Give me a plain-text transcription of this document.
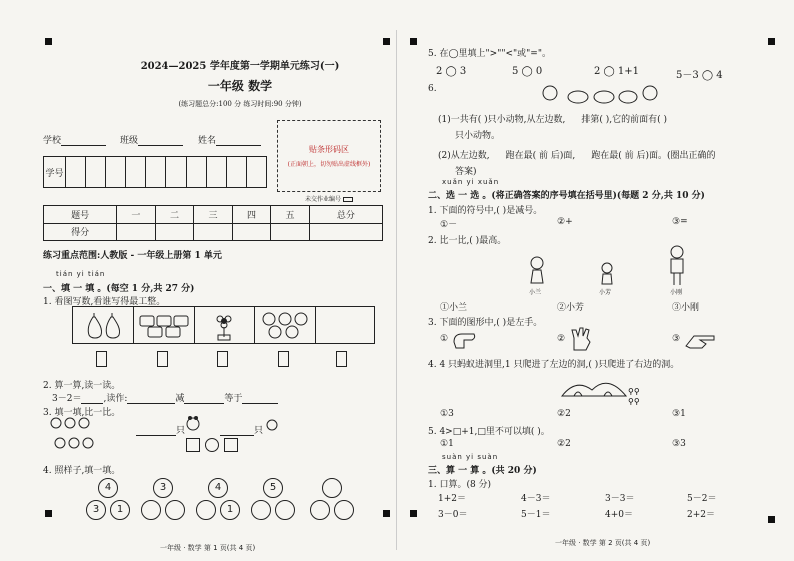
2024—2025 学年度第一学期单元练习(一)
一年级 数学
(练习题总分:100 分 练习时间:90 分钟)
学校	班级	姓名
学号										
贴条形码区
(正面朝上，切勿贴出虚线框外)
未交作业编号
题号	一	二	三	四	五	总分
得分						
练习重点范围:人教版 - 一年级上册第 1 单元
tián yi tián
一、填 一 填 。(每空 1 分,共 27 分)
1. 看图写数,看谁写得最工整。
2. 算一算,读一读。
3－2＝ ,读作:	减	等于
3. 填一填,比一比。
只	只
4. 照样子,填一填。
4
3	1
3	4
1
5
一年级 · 数学 第 1 页(共 4 页)
5. 在◯里填上">""<"或"="。
2 ◯ 3	5 ◯ 0	2 ◯ 1+1	5－3 ◯ 4
6.
(1)一共有( )只小动物,从左边数, 排第( ),它的前面有( )
只小动物。
(2)从左边数, 跑在最( 前 后)面, 跑在最( 前 后)面。(圈出正确的
答案)
xuǎn yi xuǎn
二、选 一 选 。(将正确答案的序号填在括号里)(每题 2 分,共 10 分)
1. 下面的符号中,( )是减号。
①－	②+	③=
2. 比一比,( )最高。
小兰	小芳	小刚
①小兰	②小芳	③小刚
3. 下面的图形中,( )是左手。
①	②	③
4. 4 只蚂蚁进洞里,1 只爬进了左边的洞,( )只爬进了右边的洞。
⚲⚲
⚲⚲
①3	②2	③1
5. 4>□+1,□里不可以填( )。
①1	②2	③3
suàn yi suàn
三、算 一 算 。(共 20 分)
1. 口算。(8 分)
1+2＝	4－3＝	3－3＝	5－2＝
3－0＝	5－1＝	4+0＝	2+2＝
一年级 · 数学 第 2 页(共 4 页)
